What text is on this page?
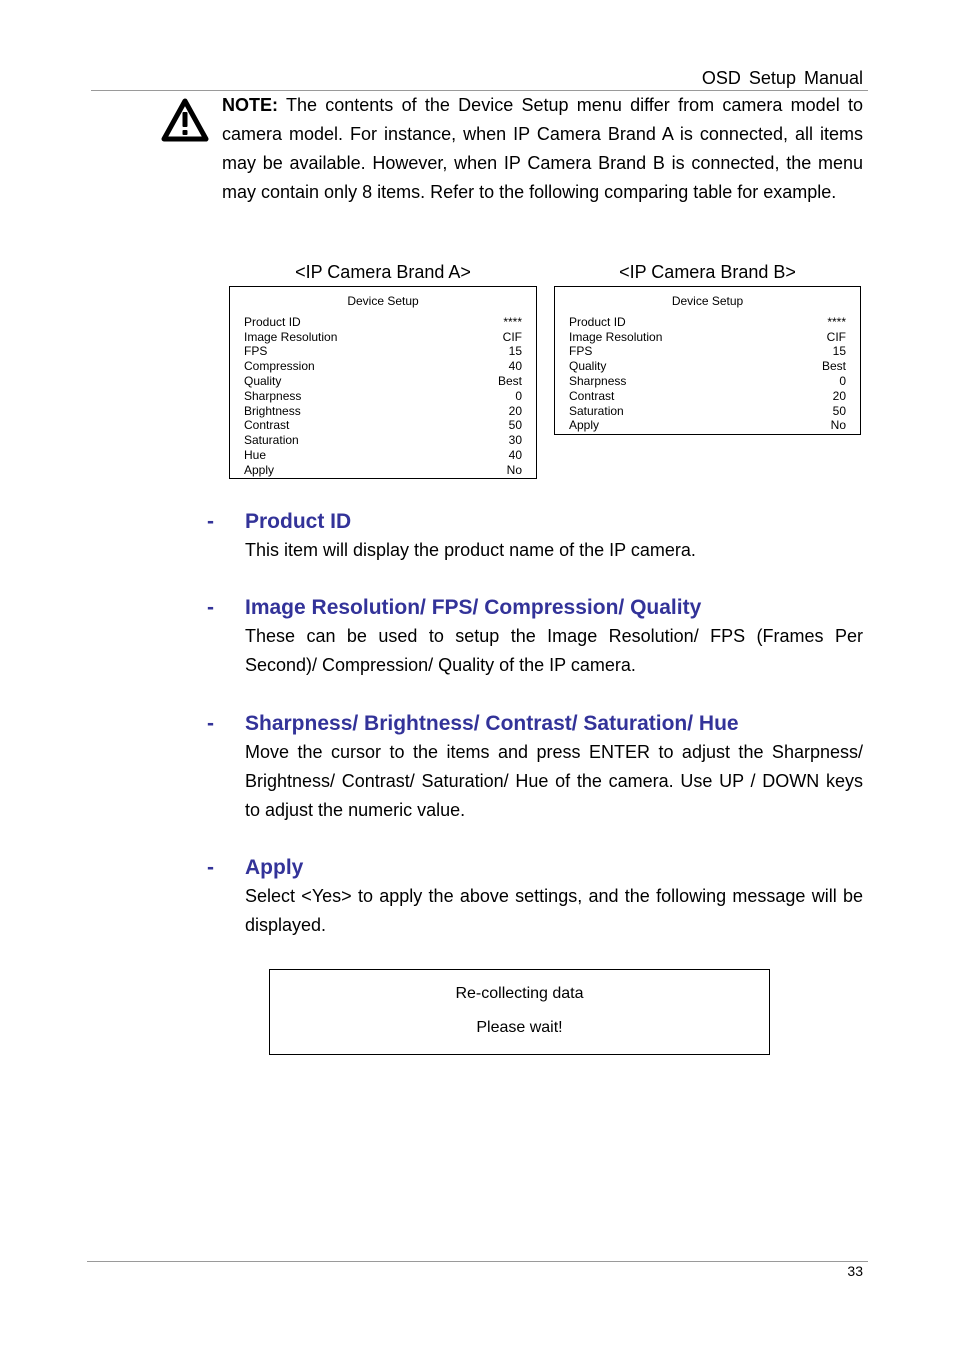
OSD Setup Manual
NOTE: The contents of the Device Setup menu differ from camera model to camera model. For instance, when IP Camera Brand A is connected, all items may be available. However, when IP Camera Brand B is connected, the menu may contain only 8 items. Refer to the following comparing table for example.
<IP Camera Brand A>	<IP Camera Brand B>
Device Setup
Product ID	****
Image Resolution	CIF
FPS	15
Compression	40
Quality	Best
Sharpness	0
Brightness	20
Contrast	50
Saturation	30
Hue	40
Apply	No
Device Setup
Product ID	****
Image Resolution	CIF
FPS	15
Quality	Best
Sharpness	0
Contrast	20
Saturation	50
Apply	No
-	Product ID
This item will display the product name of the IP camera.
-	Image Resolution/ FPS/ Compression/ Quality
These can be used to setup the Image Resolution/ FPS (Frames Per Second)/ Compression/ Quality of the IP camera.
-	Sharpness/ Brightness/ Contrast/ Saturation/ Hue
Move the cursor to the items and press ENTER to adjust the Sharpness/ Brightness/ Contrast/ Saturation/ Hue of the camera. Use UP / DOWN keys to adjust the numeric value.
-	Apply
Select <Yes> to apply the above settings, and the following message will be displayed.
Re-collecting data
Please wait!
33
